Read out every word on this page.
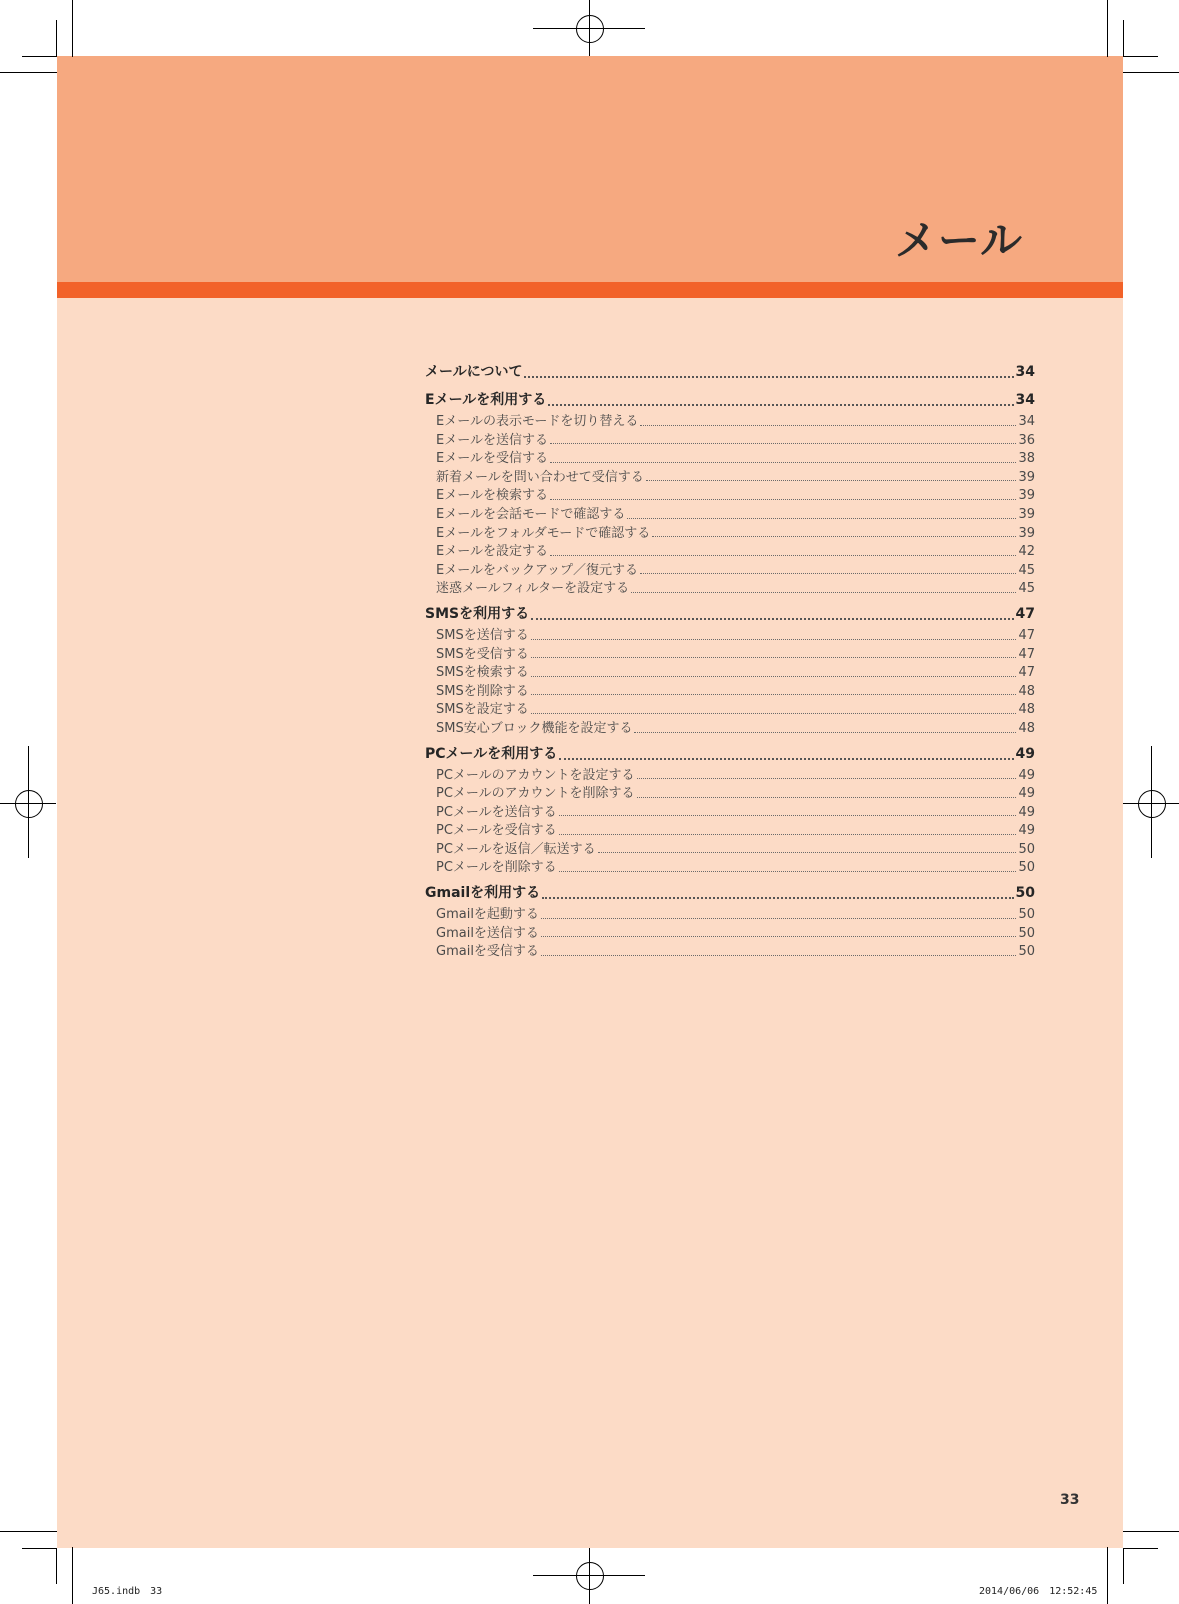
メール
メールについて	34
Eメールを利用する	34
Eメールの表示モードを切り替える	34
Eメールを送信する	36
Eメールを受信する	38
新着メールを問い合わせて受信する	39
Eメールを検索する	39
Eメールを会話モードで確認する	39
Eメールをフォルダモードで確認する	39
Eメールを設定する	42
Eメールをバックアップ／復元する	45
迷惑メールフィルターを設定する	45
SMSを利用する	47
SMSを送信する	47
SMSを受信する	47
SMSを検索する	47
SMSを削除する	48
SMSを設定する	48
SMS安心ブロック機能を設定する	48
PCメールを利用する	49
PCメールのアカウントを設定する	49
PCメールのアカウントを削除する	49
PCメールを送信する	49
PCメールを受信する	49
PCメールを返信／転送する	50
PCメールを削除する	50
Gmailを利用する	50
Gmailを起動する	50
Gmailを送信する	50
Gmailを受信する	50
33
J65.indb　33	2014/06/06　12:52:45
